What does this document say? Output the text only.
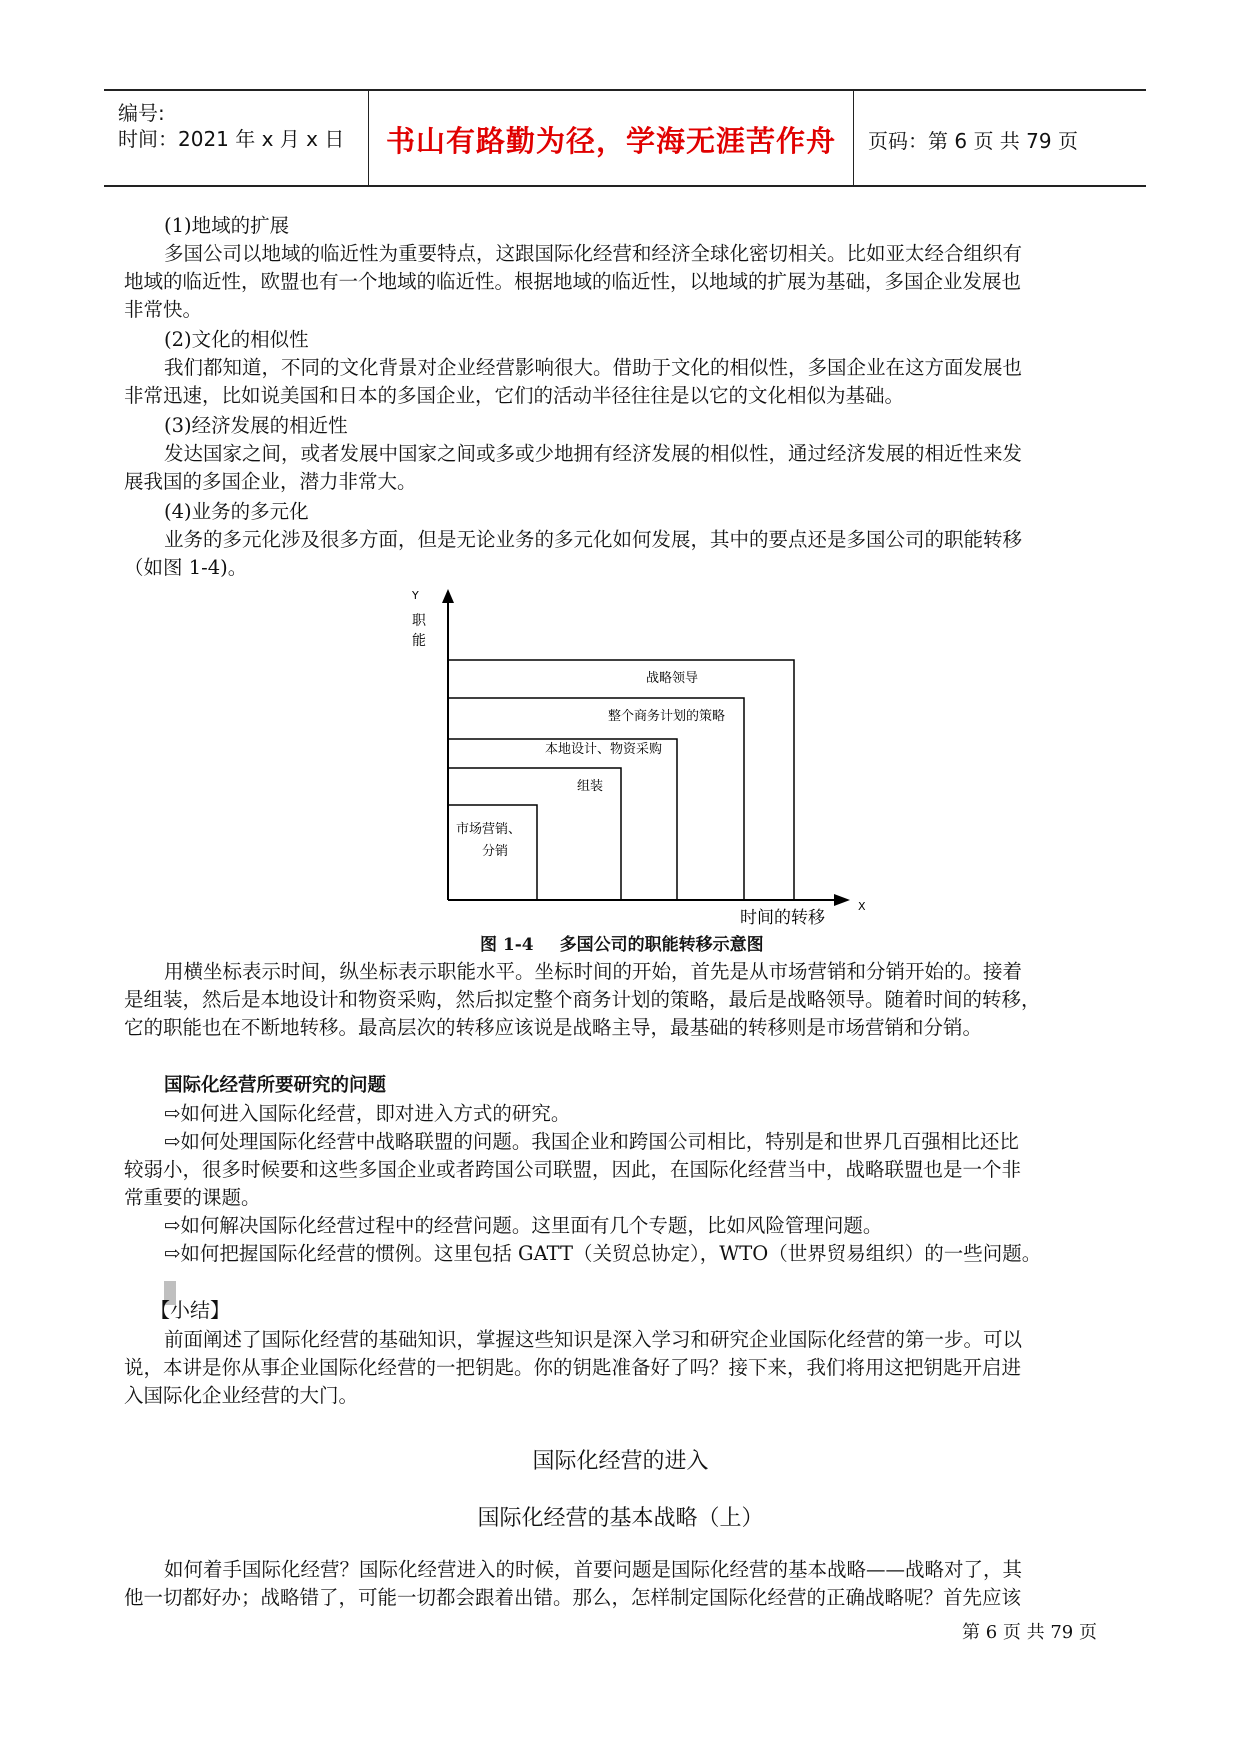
编号:
时间：2021 年 x 月 x 日	书山有路勤为径，学海无涯苦作舟	页码：第 6 页 共 79 页
(1)地域的扩展
多国公司以地域的临近性为重要特点，这跟国际化经营和经济全球化密切相关。比如亚太经合组织有
地域的临近性，欧盟也有一个地域的临近性。根据地域的临近性，以地域的扩展为基础，多国企业发展也
非常快。
(2)文化的相似性
我们都知道，不同的文化背景对企业经营影响很大。借助于文化的相似性，多国企业在这方面发展也
非常迅速，比如说美国和日本的多国企业，它们的活动半径往往是以它的文化相似为基础。
(3)经济发展的相近性
发达国家之间，或者发展中国家之间或多或少地拥有经济发展的相似性，通过经济发展的相近性来发
展我国的多国企业，潜力非常大。
(4)业务的多元化
业务的多元化涉及很多方面，但是无论业务的多元化如何发展，其中的要点还是多国公司的职能转移
（如图 1-4)。
Y
职
能
X
时间的转移
战略领导
整个商务计划的策略
本地设计、物资采购
组装
市场营销、
分销
图 1-4 多国公司的职能转移示意图
用横坐标表示时间，纵坐标表示职能水平。坐标时间的开始，首先是从市场营销和分销开始的。接着
是组装，然后是本地设计和物资采购，然后拟定整个商务计划的策略，最后是战略领导。随着时间的转移，
它的职能也在不断地转移。最高层次的转移应该说是战略主导，最基础的转移则是市场营销和分销。
国际化经营所要研究的问题
⇨如何进入国际化经营，即对进入方式的研究。
⇨如何处理国际化经营中战略联盟的问题。我国企业和跨国公司相比，特别是和世界几百强相比还比
较弱小，很多时候要和这些多国企业或者跨国公司联盟，因此，在国际化经营当中，战略联盟也是一个非
常重要的课题。
⇨如何解决国际化经营过程中的经营问题。这里面有几个专题，比如风险管理问题。
⇨如何把握国际化经营的惯例。这里包括 GATT（关贸总协定），WTO（世界贸易组织）的一些问题。
【小结】
前面阐述了国际化经营的基础知识，掌握这些知识是深入学习和研究企业国际化经营的第一步。可以
说，本讲是你从事企业国际化经营的一把钥匙。你的钥匙准备好了吗？接下来，我们将用这把钥匙开启进
入国际化企业经营的大门。
国际化经营的进入
国际化经营的基本战略（上）
如何着手国际化经营？国际化经营进入的时候，首要问题是国际化经营的基本战略——战略对了，其
他一切都好办；战略错了，可能一切都会跟着出错。那么，怎样制定国际化经营的正确战略呢？首先应该
第 6 页 共 79 页
